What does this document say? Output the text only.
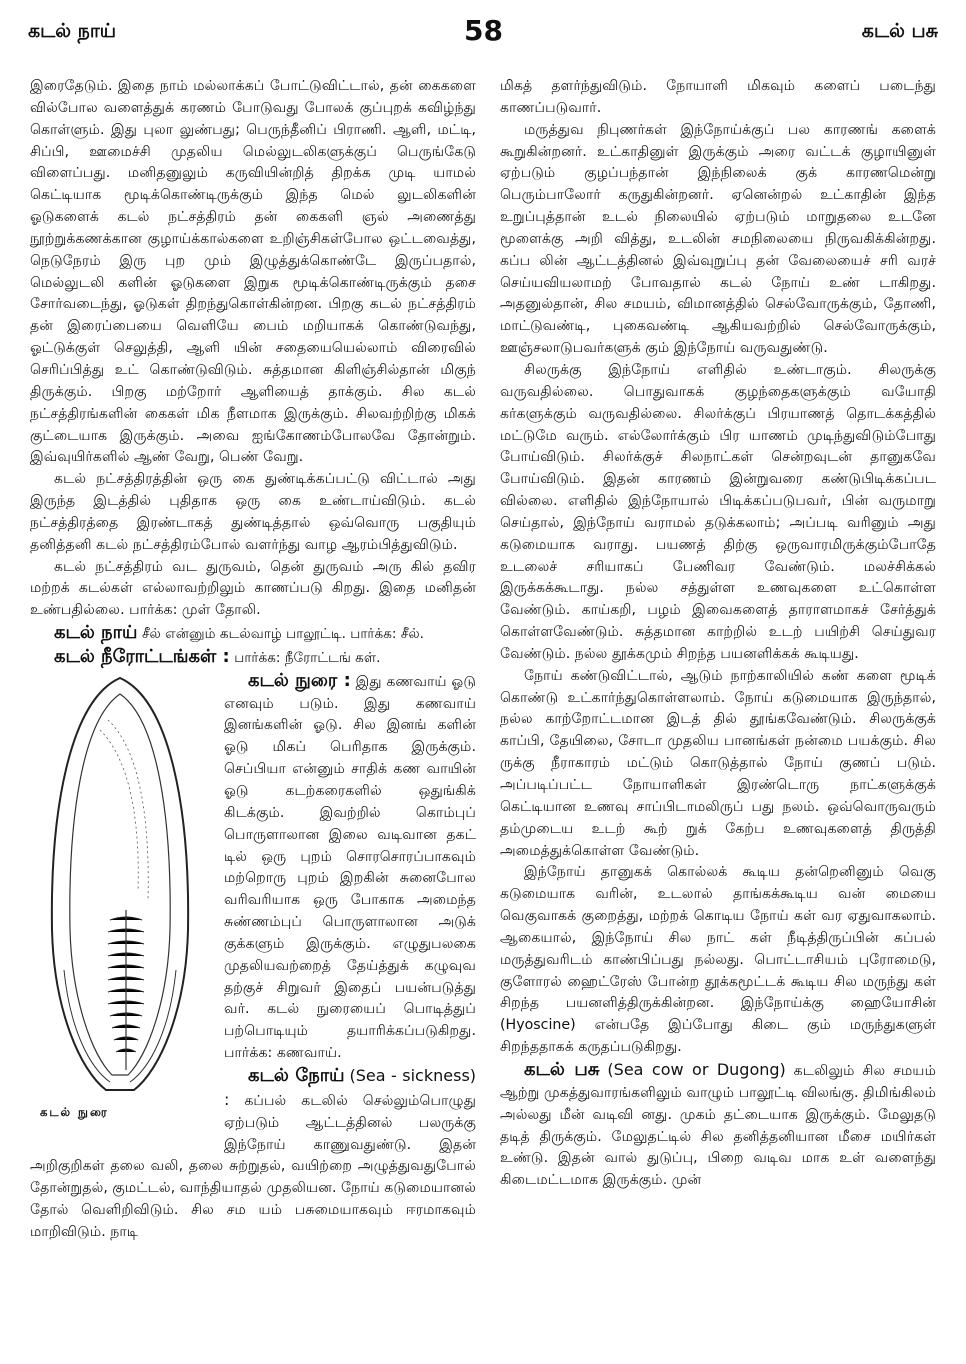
கடல் நாய்	58	கடல் பசு

இரைதேடும். இதை நாம் மல்லாக்கப் போட்டுவிட்டால், தன் கைகளை வில்போல வளைத்துக் கரணம் போடுவது போலக் குப்புறக் கவிழ்ந்து கொள்ளும். இது புலா லுண்பது; பெருந்தீனிப் பிராணி. ஆளி, மட்டி, சிப்பி, ஊமைச்சி முதலிய மெல்லுடலிகளுக்குப் பெருங்கேடு விளைப்பது. மனிதனுலும் கருவியின்றித் திறக்க முடி யாமல் கெட்டியாக மூடிக்கொண்டிருக்கும் இந்த மெல் லுடலிகளின் ஓடுகளைக் கடல் நட்சத்திரம் தன் கைகளி ஞல் அணைத்து நூற்றுக்கணக்கான குழாய்க்கால்களை உறிஞ்சிகள்போல ஒட்டவைத்து, நெடுநேரம் இரு புற மும் இழுத்துக்கொண்டே இருப்பதால், மெல்லுடலி களின் ஓடுகளை இறுக மூடிக்கொண்டிருக்கும் தசை சோர்வடைந்து, ஓடுகள் திறந்துகொள்கின்றன. பிறகு கடல் நட்சத்திரம் தன் இரைப்பையை வெளியே பைம் மறியாகக் கொண்டுவந்து, ஓட்டுக்குள் செலுத்தி, ஆளி யின் சதையையெல்லாம் விரைவில் செரிப்பித்து உட் கொண்டுவிடும். சுத்தமான கிளிஞ்சில்தான் மிகுந் திருக்கும். பிறகு மற்றோர் ஆளியைத் தாக்கும். சில கடல் நட்சத்திரங்களின் கைகள் மிக நீளமாக இருக்கும். சிலவற்றிற்கு மிகக் குட்டையாக இருக்கும். அவை ஐங்கோணம்போலவே தோன்றும். இவ்வுயிர்களில் ஆண் வேறு, பெண் வேறு.

கடல் நட்சத்திரத்தின் ஒரு கை துண்டிக்கப்பட்டு விட்டால் அது இருந்த இடத்தில் புதிதாக ஒரு கை உண்டாய்விடும். கடல் நட்சத்திரத்தை இரண்டாகத் துண்டித்தால் ஒவ்வொரு பகுதியும் தனித்தனி கடல் நட்சத்திரம்போல் வளர்ந்து வாழ ஆரம்பித்துவிடும்.

கடல் நட்சத்திரம் வட துருவம், தென் துருவம் அரு கில் தவிர மற்றக் கடல்கள் எல்லாவற்றிலும் காணப்படு கிறது. இதை மனிதன் உண்பதில்லை. பார்க்க: முள் தோலி.

கடல் நாய் சீல் என்னும் கடல்வாழ் பாலூட்டி. பார்க்க: சீல்.

கடல் நீரோட்டங்கள் : பார்க்க: நீரோட்டங் கள்.

கடல் நுரை

கடல் நுரை : இது கணவாய் ஓடு எனவும் படும். இது கணவாய் இனங்களின் ஓடு. சில இனங் களின் ஓடு மிகப் பெரிதாக இருக்கும். செப்பியா என்னும் சாதிக் கண வாயின் ஓடு கடற்கரைகளில் ஒதுங்கிக் கிடக்கும். இவற்றில் கொம்புப் பொருளாலான இலை வடிவான தகட் டில் ஒரு புறம் சொரசொரப்பாகவும் மற்றொரு புறம் இறகின் சுனைபோல வரிவரியாக ஒரு போகாக அமைந்த சுண்ணம்புப் பொருளாலான அடுக் குக்களும் இருக்கும். எழுதுபலகை முதலியவற்றைத் தேய்த்துக் கழுவுவ தற்குச் சிறுவர் இதைப் பயன்படுத்து வர். கடல் நுரையைப் பொடித்துப் பற்பொடியும் தயாரிக்கப்படுகிறது. பார்க்க: கணவாய்.

கடல் நோய் (Sea - sickness) : கப்பல் கடலில் செல்லும்பொழுது ஏற்படும் ஆட்டத்தினல் பலருக்கு இந்நோய் காணுவதுண்டு. இதன் அறிகுறிகள் தலை வலி, தலை சுற்றுதல், வயிற்றை அழுத்துவதுபோல் தோன்றுதல், குமட்டல், வாந்தியாதல் முதலியன. நோய் கடுமையானல் தோல் வெளிறிவிடும். சில சம யம் பசுமையாகவும் ஈரமாகவும் மாறிவிடும். நாடி

மிகத் தளர்ந்துவிடும். நோயாளி மிகவும் களைப் படைந்து காணப்படுவார்.

மருத்துவ நிபுணர்கள் இந்நோய்க்குப் பல காரணங் களைக் கூறுகின்றனர். உட்காதினுள் இருக்கும் அரை வட்டக் குழாயினுள் ஏற்படும் குழப்பந்தான் இந்நிலைக் குக் காரணமென்று பெரும்பாலோர் கருதுகின்றனர். ஏனென்றல் உட்காதின் இந்த உறுப்புத்தான் உடல் நிலையில் ஏற்படும் மாறுதலை உடனே மூளைக்கு அறி வித்து, உடலின் சமநிலையை நிருவகிக்கின்றது. கப்ப லின் ஆட்டத்தினல் இவ்வுறுப்பு தன் வேலையைச் சரி வரச் செய்யவியலாமற் போவதால் கடல் நோய் உண் டாகிறது. அதனுல்தான், சில சமயம், விமானத்தில் செல்வோருக்கும், தோணி, மாட்டுவண்டி, புகைவண்டி ஆகியவற்றில் செல்வோருக்கும், ஊஞ்சலாடுபவர்களுக் கும் இந்நோய் வருவதுண்டு.

சிலருக்கு இந்நோய் எளிதில் உண்டாகும். சிலருக்கு வருவதில்லை. பொதுவாகக் குழந்தைகளுக்கும் வயோதி கர்களுக்கும் வருவதில்லை. சிலர்க்குப் பிரயாணத் தொடக்கத்தில் மட்டுமே வரும். எல்லோர்க்கும் பிர யாணம் முடிந்துவிடும்போது போய்விடும். சிலர்க்குச் சிலநாட்கள் சென்றவுடன் தானுகவே போய்விடும். இதன் காரணம் இன்றுவரை கண்டுபிடிக்கப்பட வில்லை. எளிதில் இந்நோயால் பிடிக்கப்படுபவர், பின் வருமாறு செய்தால், இந்நோய் வராமல் தடுக்கலாம்; அப்படி வரினும் அது கடுமையாக வராது. பயணத் திற்கு ஒருவாரமிருக்கும்போதே உடலைச் சரியாகப் பேணிவர வேண்டும். மலச்சிக்கல் இருக்கக்கூடாது. நல்ல சத்துள்ள உணவுகளை உட்கொள்ள வேண்டும். காய்கறி, பழம் இவைகளைத் தாராளமாகச் சேர்த்துக் கொள்ளவேண்டும். சுத்தமான காற்றில் உடற் பயிற்சி செய்துவர வேண்டும். நல்ல தூக்கமும் சிறந்த பயனளிக்கக் கூடியது.

நோய் கண்டுவிட்டால், ஆடும் நாற்காலியில் கண் களை மூடிக் கொண்டு உட்கார்ந்துகொள்ளலாம். நோய் கடுமையாக இருந்தால், நல்ல காற்றோட்டமான இடத் தில் தூங்கவேண்டும். சிலருக்குக் காப்பி, தேயிலை, சோடா முதலிய பானங்கள் நன்மை பயக்கும். சில ருக்கு நீராகாரம் மட்டும் கொடுத்தால் நோய் குணப் படும். அப்படிப்பட்ட நோயாளிகள் இரண்டொரு நாட்களுக்குக் கெட்டியான உணவு சாப்பிடாமலிருப் பது நலம். ஒவ்வொருவரும் தம்முடைய உடற் கூற் றுக் கேற்ப உணவுகளைத் திருத்தி அமைத்துக்கொள்ள வேண்டும்.

இந்நோய் தானுகக் கொல்லக் கூடிய தன்றெனினும் வெகு கடுமையாக வரின், உடலால் தாங்கக்கூடிய வன் மையை வெகுவாகக் குறைத்து, மற்றக் கொடிய நோய் கள் வர ஏதுவாகலாம். ஆகையால், இந்நோய் சில நாட் கள் நீடித்திருப்பின் கப்பல் மருத்துவரிடம் காண்பிப்பது நல்லது. பொட்டாசியம் புரோமைடு, குளோரல் ஹைட்ரேஸ் போன்ற தூக்கமூட்டக் கூடிய சில மருந்து கள் சிறந்த பயனளித்திருக்கின்றன. இந்நோய்க்கு ஹையோசின் (Hyoscine) என்பதே இப்போது கிடை கும் மருந்துகளுள் சிறந்ததாகக் கருதப்படுகிறது.

கடல் பசு (Sea cow or Dugong) கடலிலும் சில சமயம் ஆற்று முகத்துவாரங்களிலும் வாழும் பாலூட்டி விலங்கு. திமிங்கிலம் அல்லது மீன் வடிவி னது. முகம் தட்டையாக இருக்கும். மேலுதடு தடித் திருக்கும். மேலுதட்டில் சில தனித்தனியான மீசை மயிர்கள் உண்டு. இதன் வால் துடுப்பு, பிறை வடிவ மாக உள் வளைந்து கிடைமட்டமாக இருக்கும். முன்
